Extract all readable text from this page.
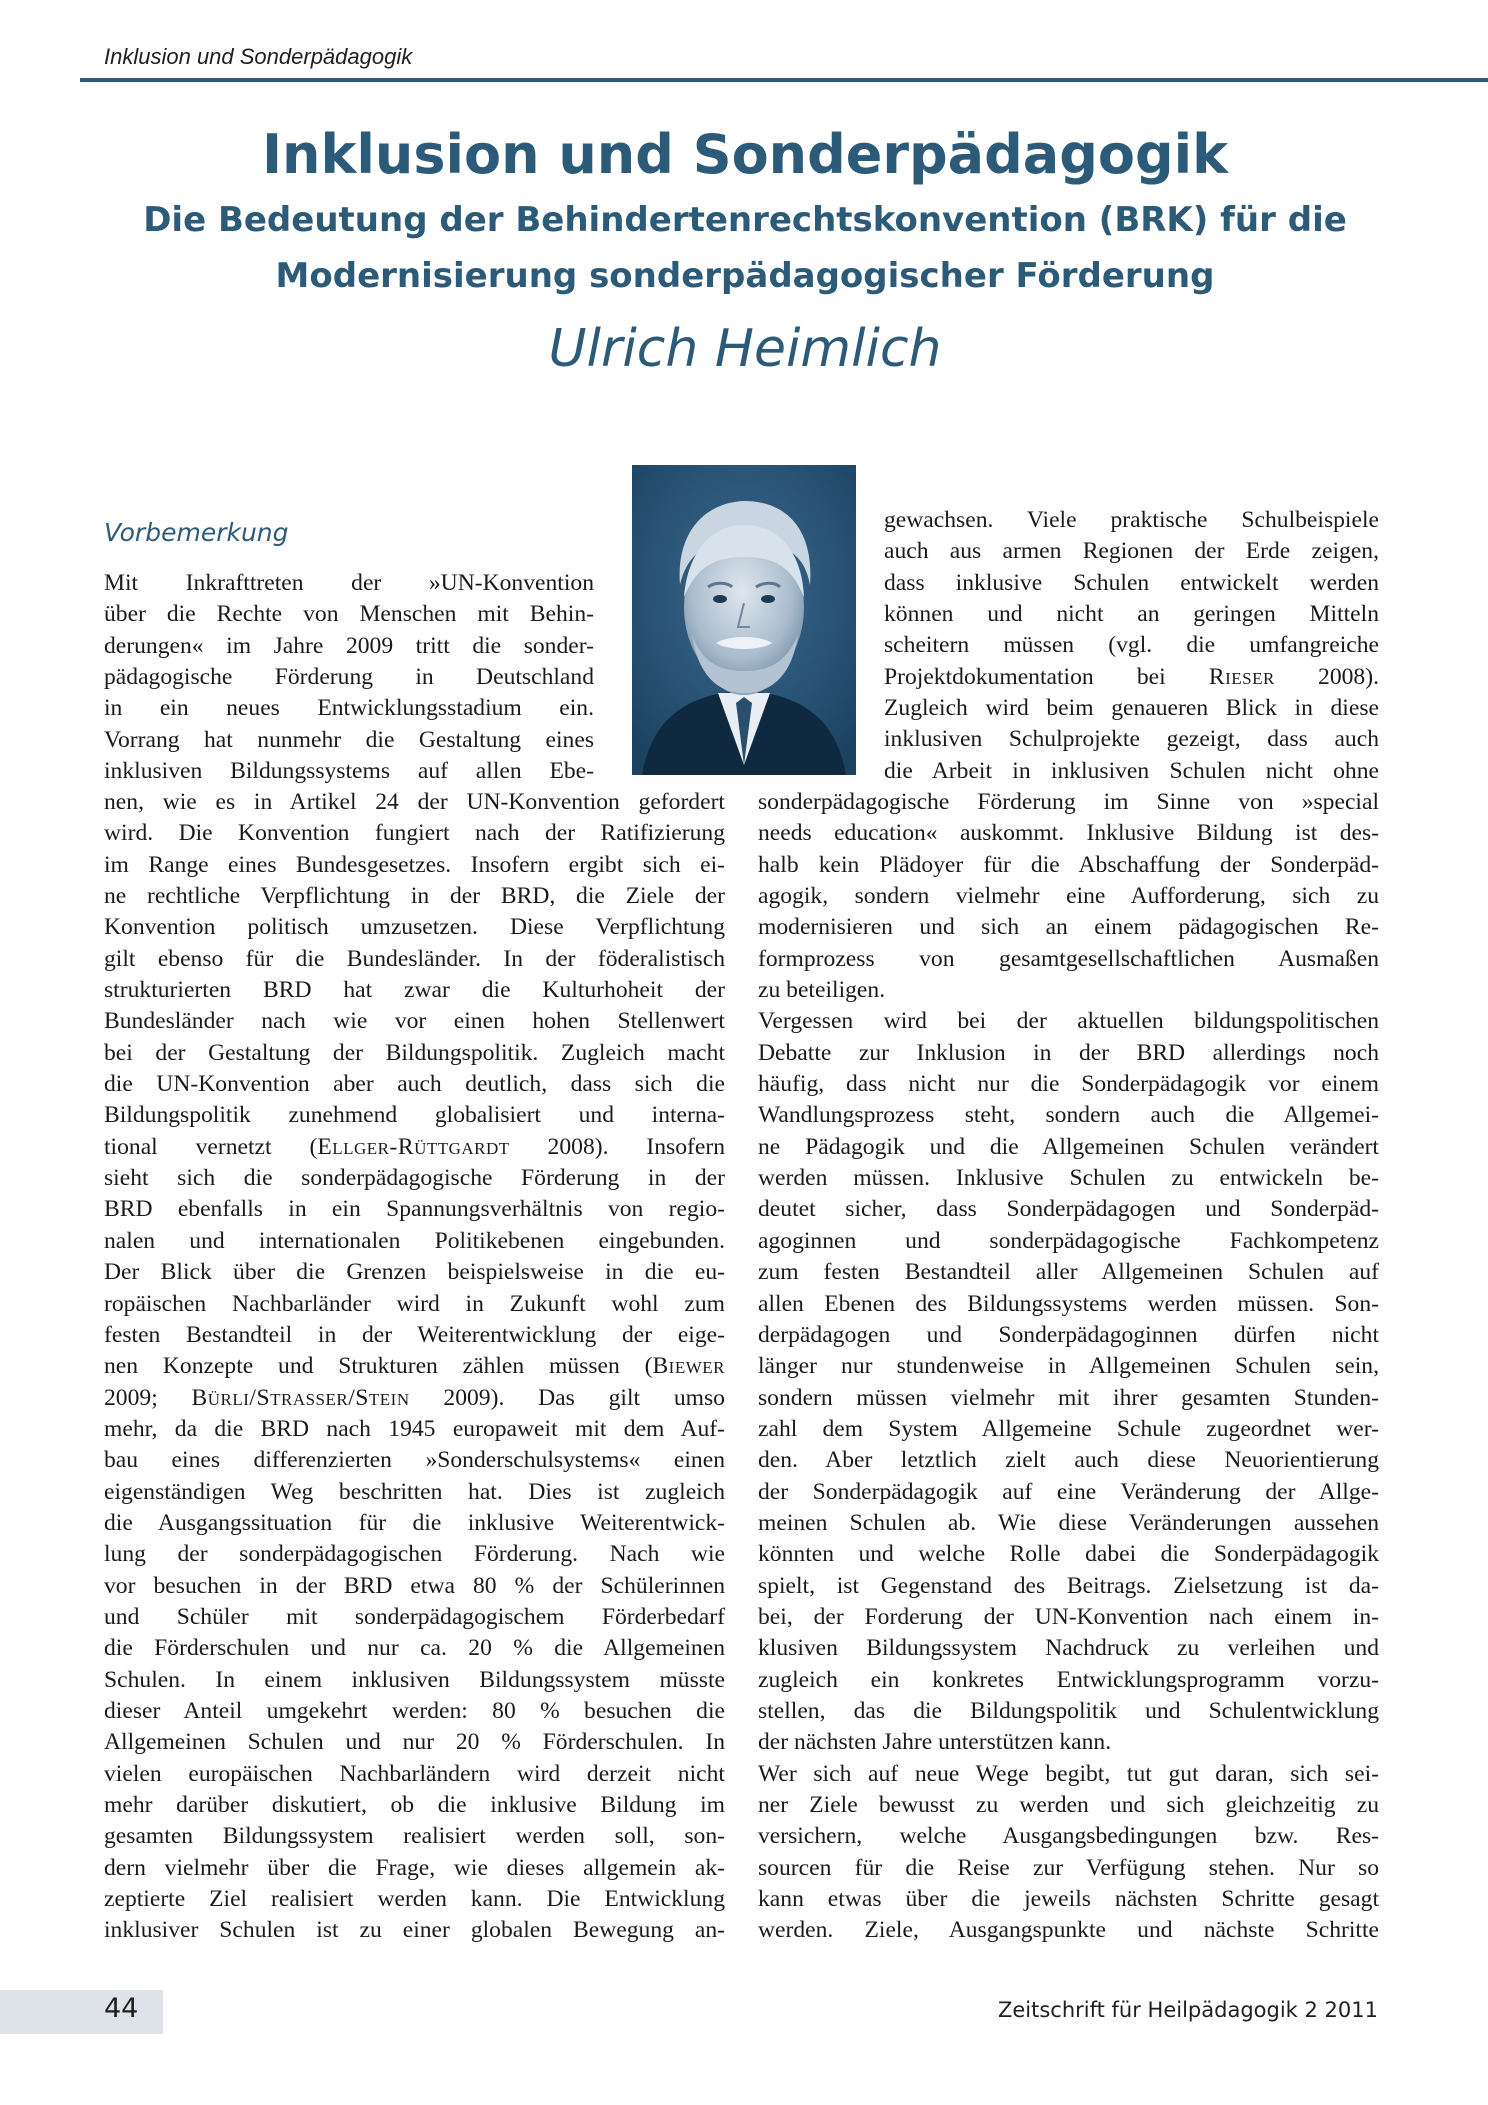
Inklusion und Sonderpädagogik
Inklusion und Sonderpädagogik
Die Bedeutung der Behindertenrechtskonvention (BRK) für die
Modernisierung sonderpädagogischer Förderung
Ulrich Heimlich
Vorbemerkung
Mit Inkrafttreten der »UN-Konvention
über die Rechte von Menschen mit Behin-
derungen« im Jahre 2009 tritt die sonder-
pädagogische Förderung in Deutschland
in ein neues Entwicklungsstadium ein.
Vorrang hat nunmehr die Gestaltung eines
inklusiven Bildungssystems auf allen Ebe-
nen, wie es in Artikel 24 der UN-Konvention gefordert
wird. Die Konvention fungiert nach der Ratifizierung
im Range eines Bundesgesetzes. Insofern ergibt sich ei-
ne rechtliche Verpflichtung in der BRD, die Ziele der
Konvention politisch umzusetzen. Diese Verpflichtung
gilt ebenso für die Bundesländer. In der föderalistisch
strukturierten BRD hat zwar die Kulturhoheit der
Bundesländer nach wie vor einen hohen Stellenwert
bei der Gestaltung der Bildungspolitik. Zugleich macht
die UN-Konvention aber auch deutlich, dass sich die
Bildungspolitik zunehmend globalisiert und interna-
tional vernetzt (Ellger-Rüttgardt 2008). Insofern
sieht sich die sonderpädagogische Förderung in der
BRD ebenfalls in ein Spannungsverhältnis von regio-
nalen und internationalen Politikebenen eingebunden.
Der Blick über die Grenzen beispielsweise in die eu-
ropäischen Nachbarländer wird in Zukunft wohl zum
festen Bestandteil in der Weiterentwicklung der eige-
nen Konzepte und Strukturen zählen müssen (Biewer
2009; Bürli/Strasser/Stein 2009). Das gilt umso
mehr, da die BRD nach 1945 europaweit mit dem Auf-
bau eines differenzierten »Sonderschulsystems« einen
eigenständigen Weg beschritten hat. Dies ist zugleich
die Ausgangssituation für die inklusive Weiterentwick-
lung der sonderpädagogischen Förderung. Nach wie
vor besuchen in der BRD etwa 80 % der Schülerinnen
und Schüler mit sonderpädagogischem Förderbedarf
die Förderschulen und nur ca. 20 % die Allgemeinen
Schulen. In einem inklusiven Bildungssystem müsste
dieser Anteil umgekehrt werden: 80 % besuchen die
Allgemeinen Schulen und nur 20 % Förderschulen. In
vielen europäischen Nachbarländern wird derzeit nicht
mehr darüber diskutiert, ob die inklusive Bildung im
gesamten Bildungssystem realisiert werden soll, son-
dern vielmehr über die Frage, wie dieses allgemein ak-
zeptierte Ziel realisiert werden kann. Die Entwicklung
inklusiver Schulen ist zu einer globalen Bewegung an-
gewachsen. Viele praktische Schulbeispiele
auch aus armen Regionen der Erde zeigen,
dass inklusive Schulen entwickelt werden
können und nicht an geringen Mitteln
scheitern müssen (vgl. die umfangreiche
Projektdokumentation bei Rieser 2008).
Zugleich wird beim genaueren Blick in diese
inklusiven Schulprojekte gezeigt, dass auch
die Arbeit in inklusiven Schulen nicht ohne
sonderpädagogische Förderung im Sinne von »special
needs education« auskommt. Inklusive Bildung ist des-
halb kein Plädoyer für die Abschaffung der Sonderpäd-
agogik, sondern vielmehr eine Aufforderung, sich zu
modernisieren und sich an einem pädagogischen Re-
formprozess von gesamtgesellschaftlichen Ausmaßen
zu beteiligen.
Vergessen wird bei der aktuellen bildungspolitischen
Debatte zur Inklusion in der BRD allerdings noch
häufig, dass nicht nur die Sonderpädagogik vor einem
Wandlungsprozess steht, sondern auch die Allgemei-
ne Pädagogik und die Allgemeinen Schulen verändert
werden müssen. Inklusive Schulen zu entwickeln be-
deutet sicher, dass Sonderpädagogen und Sonderpäd-
agoginnen und sonderpädagogische Fachkompetenz
zum festen Bestandteil aller Allgemeinen Schulen auf
allen Ebenen des Bildungssystems werden müssen. Son-
derpädagogen und Sonderpädagoginnen dürfen nicht
länger nur stundenweise in Allgemeinen Schulen sein,
sondern müssen vielmehr mit ihrer gesamten Stunden-
zahl dem System Allgemeine Schule zugeordnet wer-
den. Aber letztlich zielt auch diese Neuorientierung
der Sonderpädagogik auf eine Veränderung der Allge-
meinen Schulen ab. Wie diese Veränderungen aussehen
könnten und welche Rolle dabei die Sonderpädagogik
spielt, ist Gegenstand des Beitrags. Zielsetzung ist da-
bei, der Forderung der UN-Konvention nach einem in-
klusiven Bildungssystem Nachdruck zu verleihen und
zugleich ein konkretes Entwicklungsprogramm vorzu-
stellen, das die Bildungspolitik und Schulentwicklung
der nächsten Jahre unterstützen kann.
Wer sich auf neue Wege begibt, tut gut daran, sich sei-
ner Ziele bewusst zu werden und sich gleichzeitig zu
versichern, welche Ausgangsbedingungen bzw. Res-
sourcen für die Reise zur Verfügung stehen. Nur so
kann etwas über die jeweils nächsten Schritte gesagt
werden. Ziele, Ausgangspunkte und nächste Schritte
44	Zeitschrift für Heilpädagogik 2 2011
